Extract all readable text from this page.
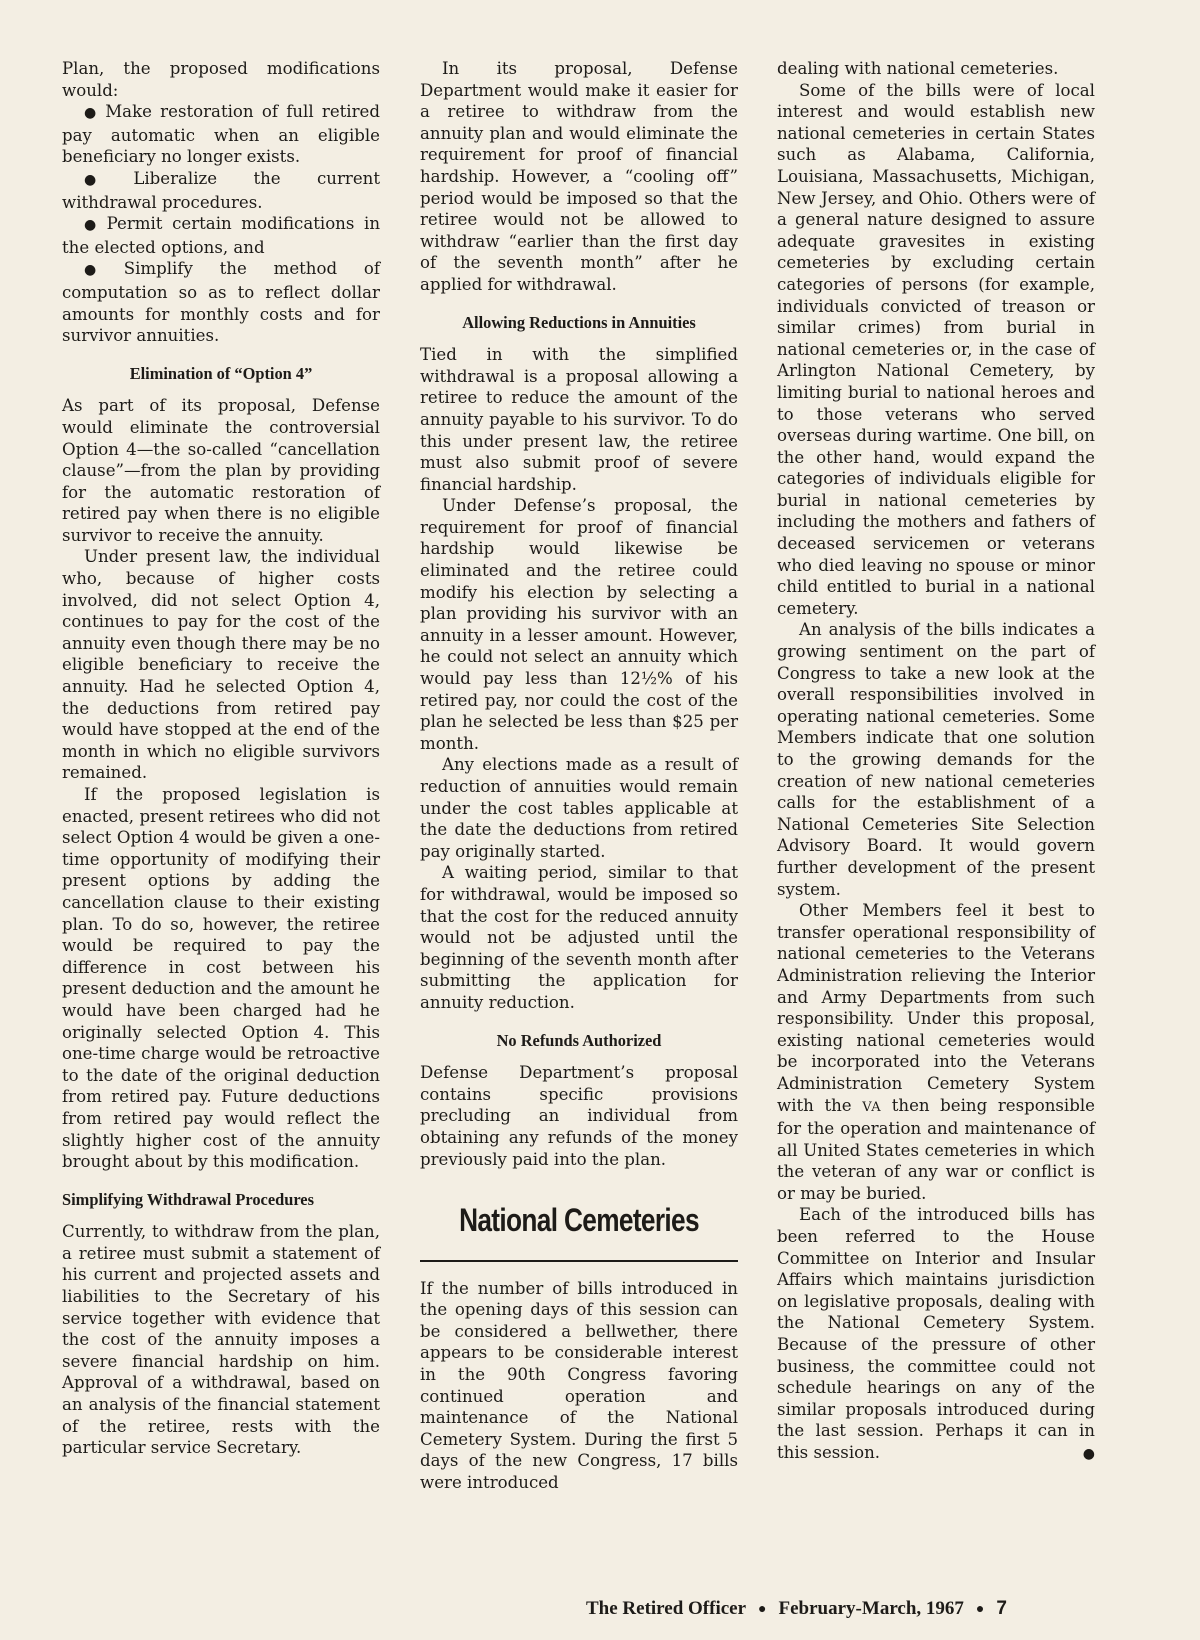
Plan, the proposed modifications would:

● Make restoration of full retired pay automatic when an eligible beneficiary no longer exists.

● Liberalize the current withdrawal procedures.

● Permit certain modifications in the elected options, and

● Simplify the method of computation so as to reflect dollar amounts for monthly costs and for survivor annuities.

Elimination of “Option 4”

As part of its proposal, Defense would eliminate the controversial Option 4—the so-called “cancellation clause”—from the plan by providing for the automatic restoration of retired pay when there is no eligible survivor to receive the annuity.

Under present law, the individual who, because of higher costs involved, did not select Option 4, continues to pay for the cost of the annuity even though there may be no eligible beneficiary to receive the annuity. Had he selected Option 4, the deductions from retired pay would have stopped at the end of the month in which no eligible survivors remained.

If the proposed legislation is enacted, present retirees who did not select Option 4 would be given a one-time opportunity of modifying their present options by adding the cancellation clause to their existing plan. To do so, however, the retiree would be required to pay the difference in cost between his present deduction and the amount he would have been charged had he originally selected Option 4. This one-time charge would be retroactive to the date of the original deduction from retired pay. Future deductions from retired pay would reflect the slightly higher cost of the annuity brought about by this modification.

Simplifying Withdrawal Procedures

Currently, to withdraw from the plan, a retiree must submit a statement of his current and projected assets and liabilities to the Secretary of his service together with evidence that the cost of the annuity imposes a severe financial hardship on him. Approval of a withdrawal, based on an analysis of the financial statement of the retiree, rests with the particular service Secretary.

In its proposal, Defense Department would make it easier for a retiree to withdraw from the annuity plan and would eliminate the requirement for proof of financial hardship. However, a “cooling off” period would be imposed so that the retiree would not be allowed to withdraw “earlier than the first day of the seventh month” after he applied for withdrawal.

Allowing Reductions in Annuities

Tied in with the simplified withdrawal is a proposal allowing a retiree to reduce the amount of the annuity payable to his survivor. To do this under present law, the retiree must also submit proof of severe financial hardship.

Under Defense’s proposal, the requirement for proof of financial hardship would likewise be eliminated and the retiree could modify his election by selecting a plan providing his survivor with an annuity in a lesser amount. However, he could not select an annuity which would pay less than 12½% of his retired pay, nor could the cost of the plan he selected be less than $25 per month.

Any elections made as a result of reduction of annuities would remain under the cost tables applicable at the date the deductions from retired pay originally started.

A waiting period, similar to that for withdrawal, would be imposed so that the cost for the reduced annuity would not be adjusted until the beginning of the seventh month after submitting the application for annuity reduction.

No Refunds Authorized

Defense Department’s proposal contains specific provisions precluding an individual from obtaining any refunds of the money previously paid into the plan.

National Cemeteries

If the number of bills introduced in the opening days of this session can be considered a bellwether, there appears to be considerable interest in the 90th Congress favoring continued operation and maintenance of the National Cemetery System. During the first 5 days of the new Congress, 17 bills were introduced

dealing with national cemeteries.

Some of the bills were of local interest and would establish new national cemeteries in certain States such as Alabama, California, Louisiana, Massachusetts, Michigan, New Jersey, and Ohio. Others were of a general nature designed to assure adequate gravesites in existing cemeteries by excluding certain categories of persons (for example, individuals convicted of treason or similar crimes) from burial in national cemeteries or, in the case of Arlington National Cemetery, by limiting burial to national heroes and to those veterans who served overseas during wartime. One bill, on the other hand, would expand the categories of individuals eligible for burial in national cemeteries by including the mothers and fathers of deceased servicemen or veterans who died leaving no spouse or minor child entitled to burial in a national cemetery.

An analysis of the bills indicates a growing sentiment on the part of Congress to take a new look at the overall responsibilities involved in operating national cemeteries. Some Members indicate that one solution to the growing demands for the creation of new national cemeteries calls for the establishment of a National Cemeteries Site Selection Advisory Board. It would govern further development of the present system.

Other Members feel it best to transfer operational responsibility of national cemeteries to the Veterans Administration relieving the Interior and Army Departments from such responsibility. Under this proposal, existing national cemeteries would be incorporated into the Veterans Administration Cemetery System with the VA then being responsible for the operation and maintenance of all United States cemeteries in which the veteran of any war or conflict is or may be buried.

Each of the introduced bills has been referred to the House Committee on Interior and Insular Affairs which maintains jurisdiction on legislative proposals, dealing with the National Cemetery System. Because of the pressure of other business, the committee could not schedule hearings on any of the similar proposals introduced during the last session. Perhaps it can in this session.	●

The Retired Officer ● February-March, 1967 ● 7
